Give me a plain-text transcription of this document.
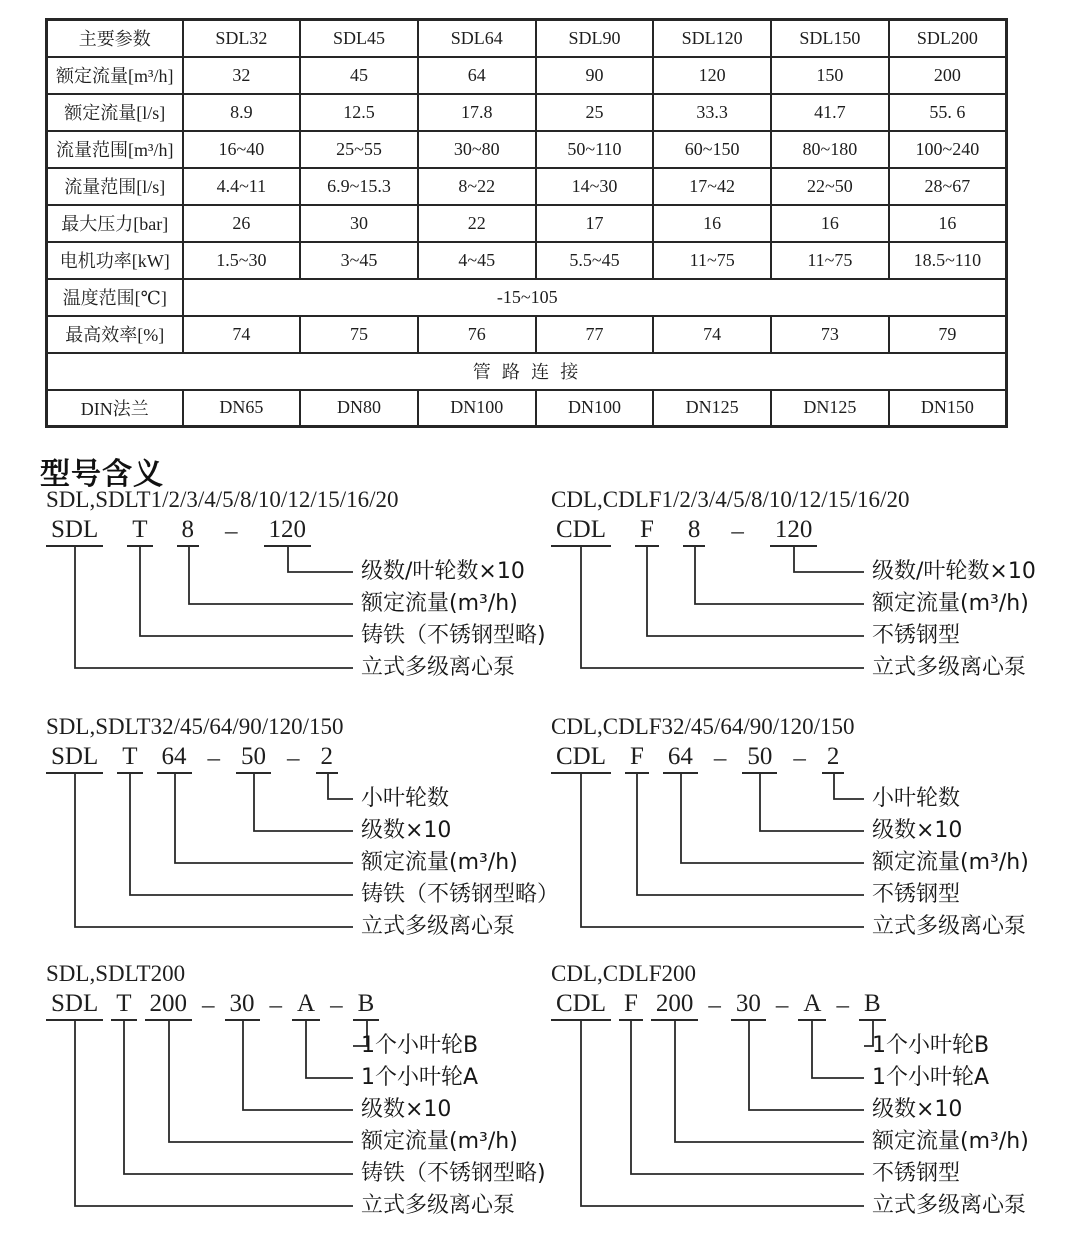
主要参数	SDL32	SDL45	SDL64	SDL90	SDL120	SDL150	SDL200
额定流量[m³/h]	32	45	64	90	120	150	200
额定流量[l/s]	8.9	12.5	17.8	25	33.3	41.7	55. 6
流量范围[m³/h]	16~40	25~55	30~80	50~110	60~150	80~180	100~240
流量范围[l/s]	4.4~11	6.9~15.3	8~22	14~30	17~42	22~50	28~67
最大压力[bar]	26	30	22	17	16	16	16
电机功率[kW]	1.5~30	3~45	4~45	5.5~45	11~75	11~75	18.5~110
温度范围[℃]	-15~105						
最高效率[%]	74	75	76	77	74	73	79
管路连接							
DIN法兰	DN65	DN80	DN100	DN100	DN125	DN125	DN150
型号含义
SDL,SDLT1/2/3/4/5/8/10/12/15/16/20
SDL T 8 – 120
级数/叶轮数×10
额定流量(m³/h)
铸铁（不锈钢型略)
立式多级离心泵
CDL,CDLF1/2/3/4/5/8/10/12/15/16/20
CDL F 8 – 120
级数/叶轮数×10
额定流量(m³/h)
不锈钢型
立式多级离心泵
SDL,SDLT32/45/64/90/120/150
SDL T 64 – 50 – 2
小叶轮数
级数×10
额定流量(m³/h)
铸铁（不锈钢型略）
立式多级离心泵
CDL,CDLF32/45/64/90/120/150
CDL F 64 – 50 – 2
小叶轮数
级数×10
额定流量(m³/h)
不锈钢型
立式多级离心泵
SDL,SDLT200
SDL T 200 – 30 – A – B
1个小叶轮B
1个小叶轮A
级数×10
额定流量(m³/h)
铸铁（不锈钢型略)
立式多级离心泵
CDL,CDLF200
CDL F 200 – 30 – A – B
1个小叶轮B
1个小叶轮A
级数×10
额定流量(m³/h)
不锈钢型
立式多级离心泵
